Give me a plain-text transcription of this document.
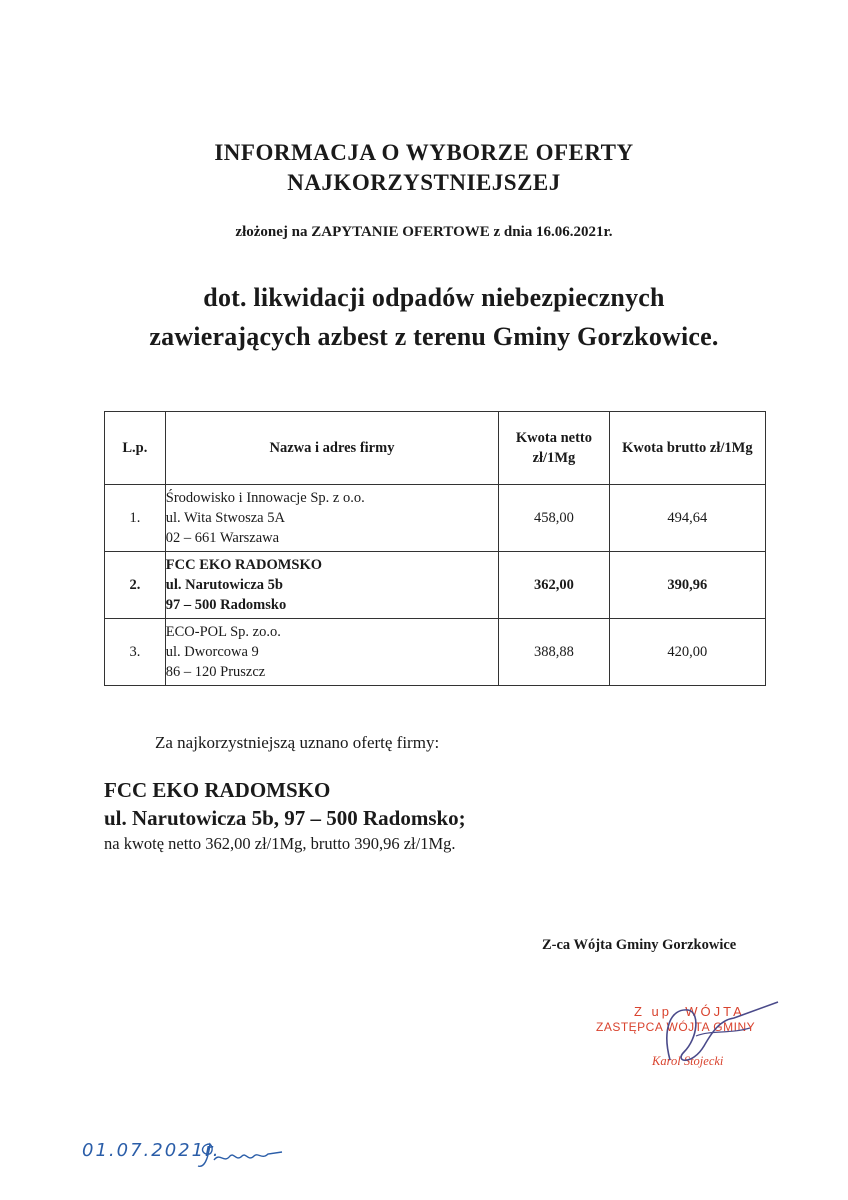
INFORMACJA O WYBORZE OFERTY
NAJKORZYSTNIEJSZEJ
złożonej na ZAPYTANIE OFERTOWE z dnia 16.06.2021r.
dot. likwidacji odpadów niebezpiecznych
zawierających azbest z terenu Gminy Gorzkowice.
L.p.	Nazwa i adres firmy	Kwota netto
zł/1Mg	Kwota brutto zł/1Mg
1.	Środowisko i Innowacje Sp. z o.o.
ul. Wita Stwosza 5A
02 – 661 Warszawa	458,00	494,64
2.	FCC EKO RADOMSKO
ul. Narutowicza 5b
97 – 500 Radomsko	362,00	390,96
3.	ECO-POL Sp. zo.o.
ul. Dworcowa 9
86 – 120 Pruszcz	388,88	420,00
Za najkorzystniejszą uznano ofertę firmy:
FCC EKO RADOMSKO
ul. Narutowicza 5b, 97 – 500 Radomsko;
na kwotę netto 362,00 zł/1Mg, brutto 390,96 zł/1Mg.
Z-ca Wójta Gminy Gorzkowice
Z up. WÓJTA
ZASTĘPCA WÓJTA GMINY
Karol Stojecki
01.07.2021r.
